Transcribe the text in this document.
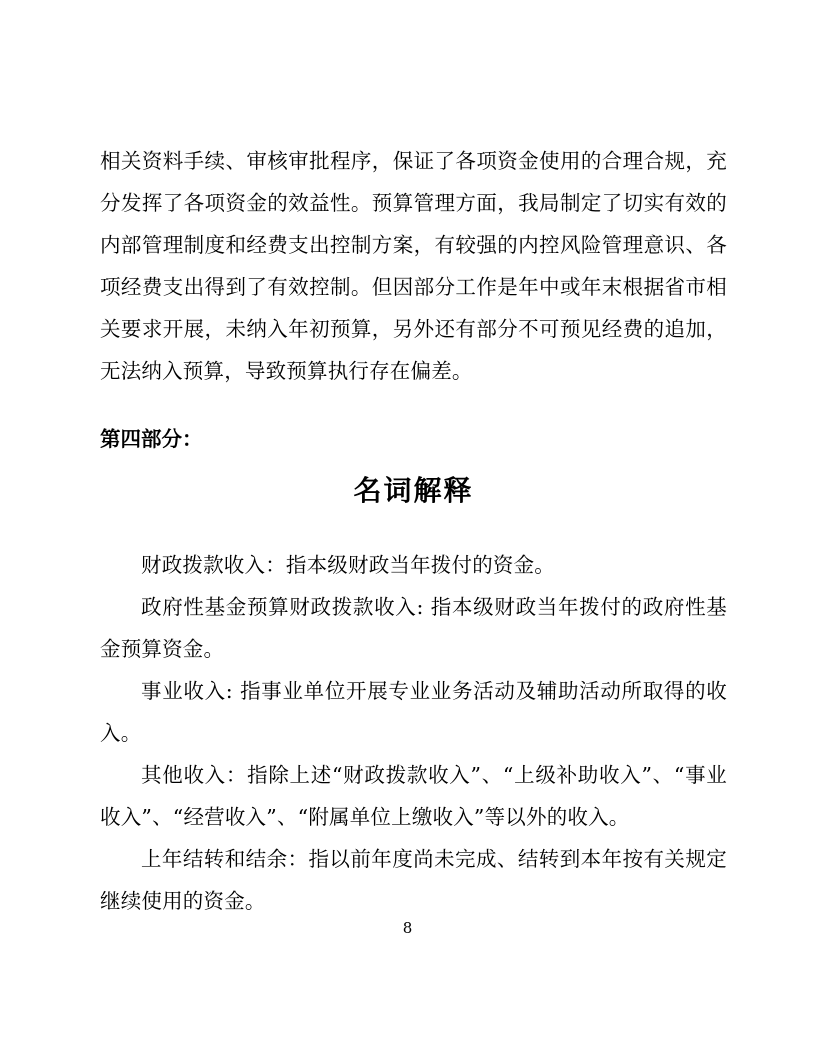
相关资料手续、审核审批程序，保证了各项资金使用的合理合规，充分发挥了各项资金的效益性。预算管理方面，我局制定了切实有效的内部管理制度和经费支出控制方案，有较强的内控风险管理意识、各项经费支出得到了有效控制。但因部分工作是年中或年末根据省市相关要求开展，未纳入年初预算，另外还有部分不可预见经费的追加，无法纳入预算，导致预算执行存在偏差。

第四部分：

名词解释

财政拨款收入：指本级财政当年拨付的资金。

政府性基金预算财政拨款收入: 指本级财政当年拨付的政府性基金预算资金。

事业收入: 指事业单位开展专业业务活动及辅助活动所取得的收入。

其他收入：指除上述“财政拨款收入”、“上级补助收入”、“事业收入”、“经营收入”、“附属单位上缴收入”等以外的收入。

上年结转和结余：指以前年度尚未完成、结转到本年按有关规定继续使用的资金。

8
